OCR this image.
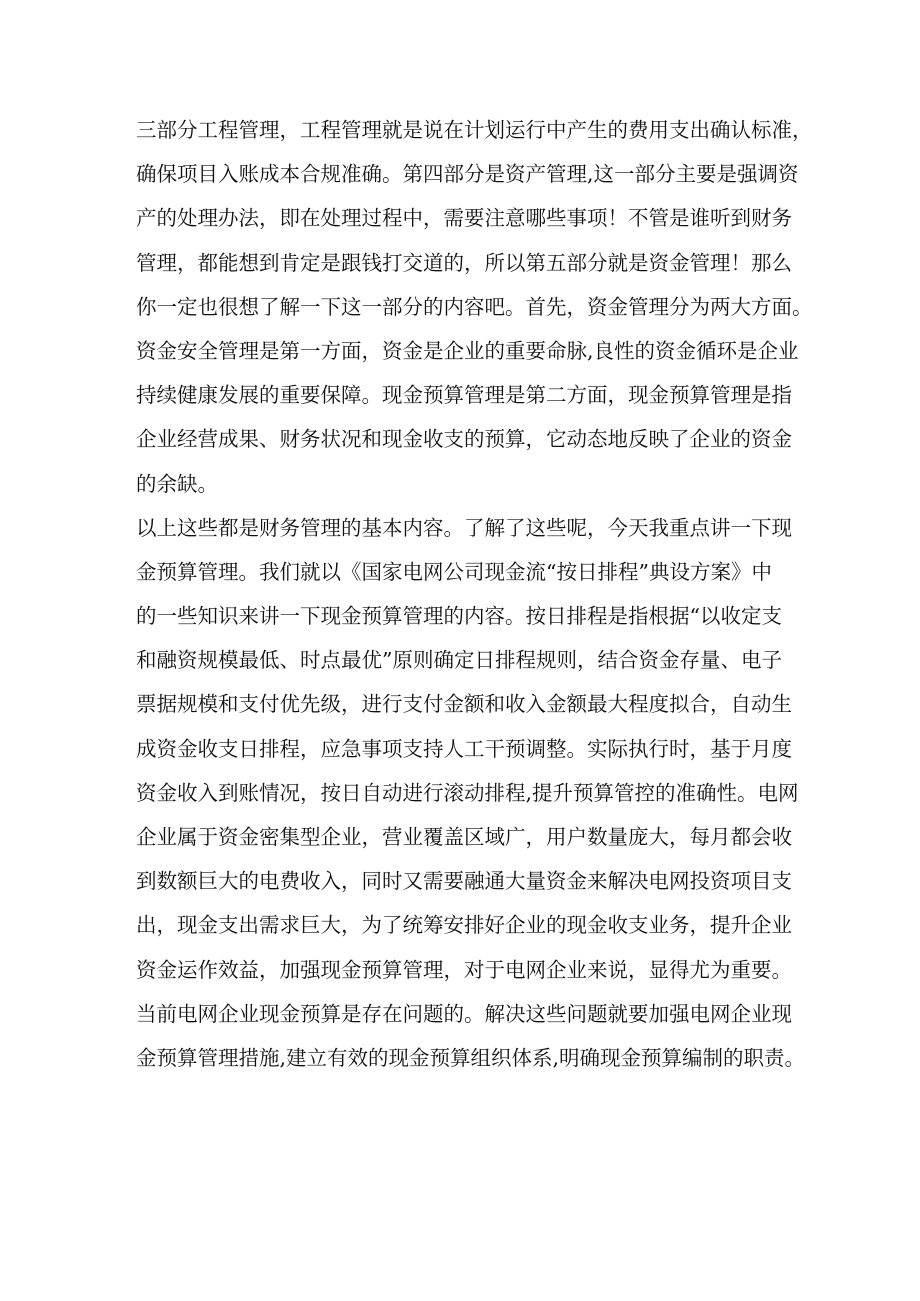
三部分工程管理，工程管理就是说在计划运行中产生的费用支出确认标准，
确保项目入账成本合规准确。第四部分是资产管理,这一部分主要是强调资
产的处理办法，即在处理过程中，需要注意哪些事项！不管是谁听到财务
管理，都能想到肯定是跟钱打交道的，所以第五部分就是资金管理！那么
你一定也很想了解一下这一部分的内容吧。首先，资金管理分为两大方面。
资金安全管理是第一方面，资金是企业的重要命脉,良性的资金循环是企业
持续健康发展的重要保障。现金预算管理是第二方面，现金预算管理是指
企业经营成果、财务状况和现金收支的预算，它动态地反映了企业的资金
的余缺。
以上这些都是财务管理的基本内容。了解了这些呢，今天我重点讲一下现
金预算管理。我们就以《国家电网公司现金流“按日排程”典设方案》中
的一些知识来讲一下现金预算管理的内容。按日排程是指根据“以收定支
和融资规模最低、时点最优”原则确定日排程规则，结合资金存量、电子
票据规模和支付优先级，进行支付金额和收入金额最大程度拟合，自动生
成资金收支日排程，应急事项支持人工干预调整。实际执行时，基于月度
资金收入到账情况，按日自动进行滚动排程,提升预算管控的准确性。电网
企业属于资金密集型企业，营业覆盖区域广，用户数量庞大，每月都会收
到数额巨大的电费收入，同时又需要融通大量资金来解决电网投资项目支
出，现金支出需求巨大，为了统筹安排好企业的现金收支业务，提升企业
资金运作效益，加强现金预算管理，对于电网企业来说，显得尤为重要。
当前电网企业现金预算是存在问题的。解决这些问题就要加强电网企业现
金预算管理措施,建立有效的现金预算组织体系,明确现金预算编制的职责。
